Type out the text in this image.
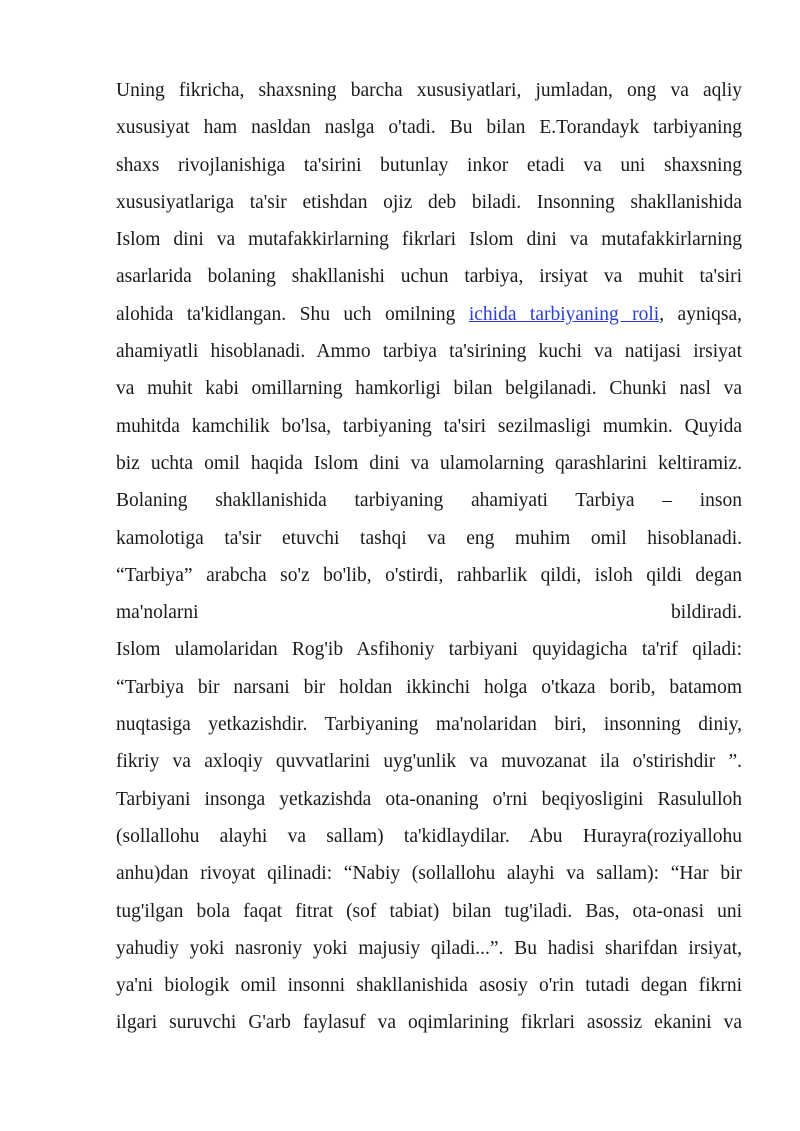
Uning fikricha, shaxsning barcha xususiyatlari, jumladan, ong va aqliy
xususiyat ham nasldan naslga o'tadi. Bu bilan E.Torandayk tarbiyaning
shaxs rivojlanishiga ta'sirini butunlay inkor etadi va uni shaxsning
xususiyatlariga ta'sir etishdan ojiz deb biladi. Insonning shakllanishida
Islom dini va mutafakkirlarning fikrlari Islom dini va mutafakkirlarning
asarlarida bolaning shakllanishi uchun tarbiya, irsiyat va muhit ta'siri
alohida ta'kidlangan. Shu uch omilning ichida tarbiyaning roli, ayniqsa,
ahamiyatli hisoblanadi. Ammo tarbiya ta'sirining kuchi va natijasi irsiyat
va muhit kabi omillarning hamkorligi bilan belgilanadi. Chunki nasl va
muhitda kamchilik bo'lsa, tarbiyaning ta'siri sezilmasligi mumkin. Quyida
biz uchta omil haqida Islom dini va ulamolarning qarashlarini keltiramiz.
Bolaning shakllanishida tarbiyaning ahamiyati Tarbiya – inson
kamolotiga ta'sir etuvchi tashqi va eng muhim omil hisoblanadi.
“Tarbiya” arabcha so'z bo'lib, o'stirdi, rahbarlik qildi, isloh qildi degan
ma'nolarni bildiradi.
Islom ulamolaridan Rog'ib Asfihoniy tarbiyani quyidagicha ta'rif qiladi:
“Tarbiya bir narsani bir holdan ikkinchi holga o'tkaza borib, batamom
nuqtasiga yetkazishdir. Tarbiyaning ma'nolaridan biri, insonning diniy,
fikriy va axloqiy quvvatlarini uyg'unlik va muvozanat ila o'stirishdir ”.
Tarbiyani insonga yetkazishda ota-onaning o'rni beqiyosligini Rasululloh
(sollallohu alayhi va sallam) ta'kidlaydilar. Abu Hurayra(roziyallohu
anhu)dan rivoyat qilinadi: “Nabiy (sollallohu alayhi va sallam): “Har bir
tug'ilgan bola faqat fitrat (sof tabiat) bilan tug'iladi. Bas, ota-onasi uni
yahudiy yoki nasroniy yoki majusiy qiladi...”. Bu hadisi sharifdan irsiyat,
ya'ni biologik omil insonni shakllanishida asosiy o'rin tutadi degan fikrni
ilgari suruvchi G'arb faylasuf va oqimlarining fikrlari asossiz ekanini va
